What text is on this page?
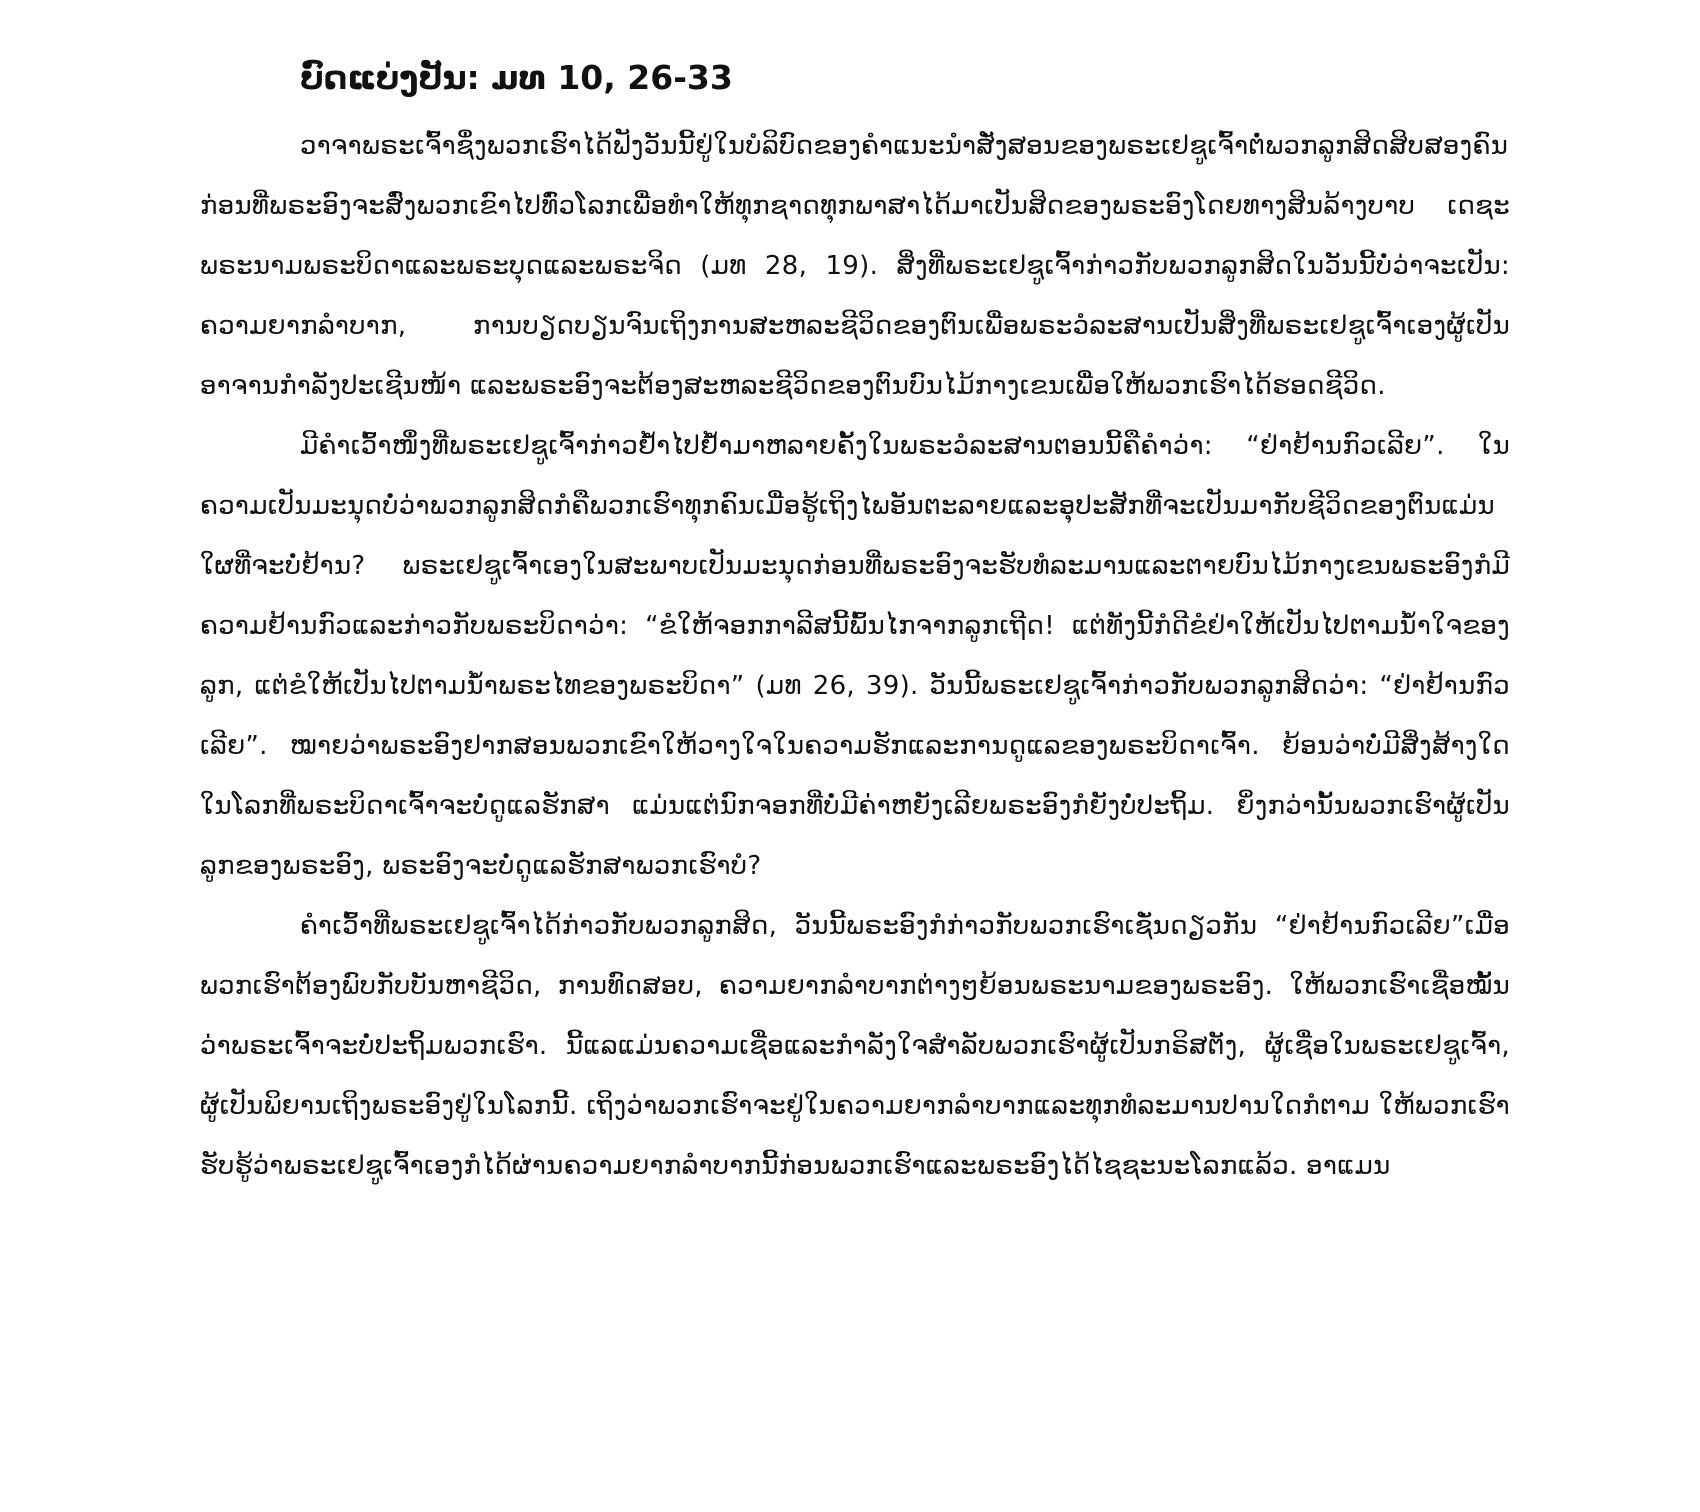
ບົດແບ່ງປັນ: ມທ 10, 26-33

ວາຈາພຣະເຈົ້າຊຶ່ງພວກເຮົາໄດ້ຟັງວັນນີ້ຢູ່ໃນບໍລິບົດຂອງຄຳແນະນຳສັ່ງສອນຂອງພຣະເຢຊູເຈົ້າຕໍ່ພວກລູກສິດສິບສອງຄົນ ກ່ອນທີ່ພຣະອົງຈະສົ່ງພວກເຂົາໄປທົ່ວໂລກເພື່ອທຳໃຫ້ທຸກຊາດທຸກພາສາໄດ້ມາເປັນສິດຂອງພຣະອົງໂດຍທາງສິນລ້າງບາບ ເດຊະພຣະນາມພຣະບິດາແລະພຣະບຸດແລະພຣະຈິດ (ມທ 28, 19). ສິ່ງທີ່ພຣະເຢຊູເຈົ້າກ່າວກັບພວກລູກສິດໃນວັນນີ້ບໍ່ວ່າຈະເປັນ: ຄວາມຍາກລຳບາກ, ການບຽດບຽນຈົນເຖິງການສະຫລະຊີວິດຂອງຕົນເພື່ອພຣະວໍລະສານເປັນສິ່ງທີ່ພຣະເຢຊູເຈົ້າເອງຜູ້ເປັນອາຈານກຳລັງປະເຊີນໜ້າ ແລະພຣະອົງຈະຕ້ອງສະຫລະຊີວິດຂອງຕົນບົນໄມ້ກາງເຂນເພື່ອໃຫ້ພວກເຮົາໄດ້ຮອດຊີວິດ.

ມີຄຳເວົ້າໜຶ່ງທີ່ພຣະເຢຊູເຈົ້າກ່າວຢໍ້າໄປຢໍ້າມາຫລາຍຄັ້ງໃນພຣະວໍລະສານຕອນນີ້ຄືຄຳວ່າ: “ຢ່າຢ້ານກົວເລີຍ”. ໃນຄວາມເປັນມະນຸດບໍ່ວ່າພວກລູກສິດກໍຄືພວກເຮົາທຸກຄົນເມື່ອຮູ້ເຖິງໄພອັນຕະລາຍແລະອຸປະສັກທີ່ຈະເປັນມາກັບຊີວິດຂອງຕົນແມ່ນໃຜທີ່ຈະບໍ່ຢ້ານ? ພຣະເຢຊູເຈົ້າເອງໃນສະພາບເປັນມະນຸດກ່ອນທີ່ພຣະອົງຈະຮັບທໍລະມານແລະຕາຍບົນໄມ້ກາງເຂນພຣະອົງກໍມີຄວາມຢ້ານກົວແລະກ່າວກັບພຣະບິດາວ່າ: “ຂໍໃຫ້ຈອກກາລີສນີ້ພົ້ນໄກຈາກລູກເຖີດ! ແຕ່ທັງນີ້ກໍດີຂໍຢ່າໃຫ້ເປັນໄປຕາມນໍ້າໃຈຂອງລູກ, ແຕ່ຂໍໃຫ້ເປັນໄປຕາມນໍ້າພຣະໄທຂອງພຣະບິດາ” (ມທ 26, 39). ວັນນີ້ພຣະເຢຊູເຈົ້າກ່າວກັບພວກລູກສິດວ່າ: “ຢ່າຢ້ານກົວເລີຍ”. ໝາຍວ່າພຣະອົງຢາກສອນພວກເຂົາໃຫ້ວາງໃຈໃນຄວາມຮັກແລະການດູແລຂອງພຣະບິດາເຈົ້າ. ຍ້ອນວ່າບໍ່ມີສິ່ງສ້າງໃດໃນໂລກທີ່ພຣະບິດາເຈົ້າຈະບໍ່ດູແລຮັກສາ ແມ່ນແຕ່ນົກຈອກທີ່ບໍ່ມີຄ່າຫຍັງເລີຍພຣະອົງກໍຍັງບໍ່ປະຖິ້ມ. ຍິ່ງກວ່ານັ້ນພວກເຮົາຜູ້ເປັນລູກຂອງພຣະອົງ, ພຣະອົງຈະບໍ່ດູແລຮັກສາພວກເຮົາບໍ?

ຄຳເວົ້າທີ່ພຣະເຢຊູເຈົ້າໄດ້ກ່າວກັບພວກລູກສິດ, ວັນນີ້ພຣະອົງກໍກ່າວກັບພວກເຮົາເຊັ່ນດຽວກັນ “ຢ່າຢ້ານກົວເລີຍ”ເມື່ອພວກເຮົາຕ້ອງພົບກັບບັນຫາຊີວິດ, ການທົດສອບ, ຄວາມຍາກລຳບາກຕ່າງໆຍ້ອນພຣະນາມຂອງພຣະອົງ. ໃຫ້ພວກເຮົາເຊື່ອໝັ້ນວ່າພຣະເຈົ້າຈະບໍ່ປະຖິ້ມພວກເຮົາ. ນີ້ແລແມ່ນຄວາມເຊື່ອແລະກຳລັງໃຈສຳລັບພວກເຮົາຜູ້ເປັນກຣິສຕັງ, ຜູ້ເຊື່ອໃນພຣະເຢຊູເຈົ້າ, ຜູ້ເປັນພິຍານເຖິງພຣະອົງຢູ່ໃນໂລກນີ້. ເຖິງວ່າພວກເຮົາຈະຢູ່ໃນຄວາມຍາກລຳບາກແລະທຸກທໍລະມານປານໃດກໍຕາມ ໃຫ້ພວກເຮົາຮັບຮູ້ວ່າພຣະເຢຊູເຈົ້າເອງກໍໄດ້ຜ່ານຄວາມຍາກລຳບາກນີ້ກ່ອນພວກເຮົາແລະພຣະອົງໄດ້ໄຊຊະນະໂລກແລ້ວ. ອາແມນ
